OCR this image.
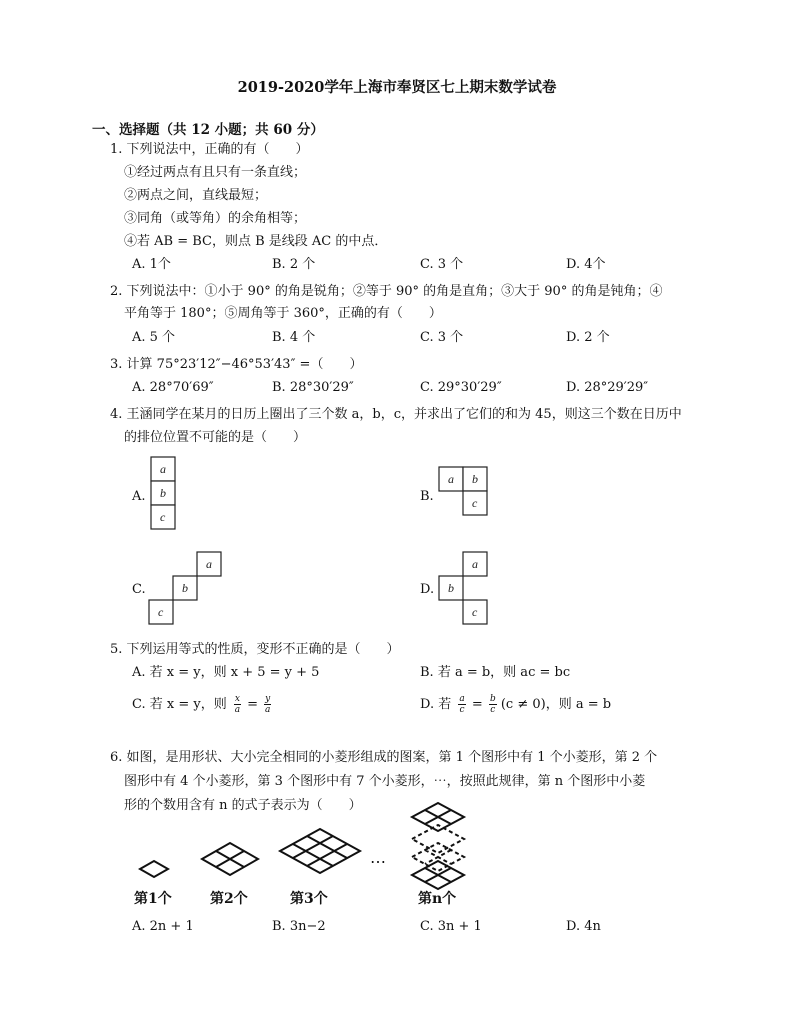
2019-2020学年上海市奉贤区七上期末数学试卷
一、选择题（共 12 小题；共 60 分）
1. 下列说法中，正确的有（　　）
①经过两点有且只有一条直线；
②两点之间，直线最短；
③同角（或等角）的余角相等；
④若 AB = BC，则点 B 是线段 AC 的中点．
A. 1个	B. 2 个	C. 3 个	D. 4个
2. 下列说法中：①小于 90° 的角是锐角；②等于 90° 的角是直角；③大于 90° 的角是钝角；④
平角等于 180°；⑤周角等于 360°，正确的有（　　）
A. 5 个	B. 4 个	C. 3 个	D. 2 个
3. 计算 75°23′12″−46°53′43″ =（　　）
A. 28°70′69″	B. 28°30′29″	C. 29°30′29″	D. 28°29′29″
4. 王涵同学在某月的日历上圈出了三个数 a，b，c，并求出了它们的和为 45，则这三个数在日历中
的排位位置不可能的是（　　）
A.
a
b
c
B.
a b
c
C.
a
b
c
D.
a
b
c
5. 下列运用等式的性质，变形不正确的是（　　）
A. 若 x = y，则 x + 5 = y + 5	B. 若 a = b，则 ac = bc
C. 若 x = y，则 $\frac{x}{a} = \frac{y}{a}$	D. 若 $\frac{a}{c} = \frac{b}{c} (c \ne 0)$，则 a = b
6. 如图，是用形状、大小完全相同的小菱形组成的图案，第 1 个图形中有 1 个小菱形，第 2 个
图形中有 4 个小菱形，第 3 个图形中有 7 个小菱形，⋯，按照此规律，第 n 个图形中小菱
形的个数用含有 n 的式子表示为（　　）
⋯
第1个	第2个	第3个	第n个
A. 2n + 1	B. 3n−2	C. 3n + 1	D. 4n
